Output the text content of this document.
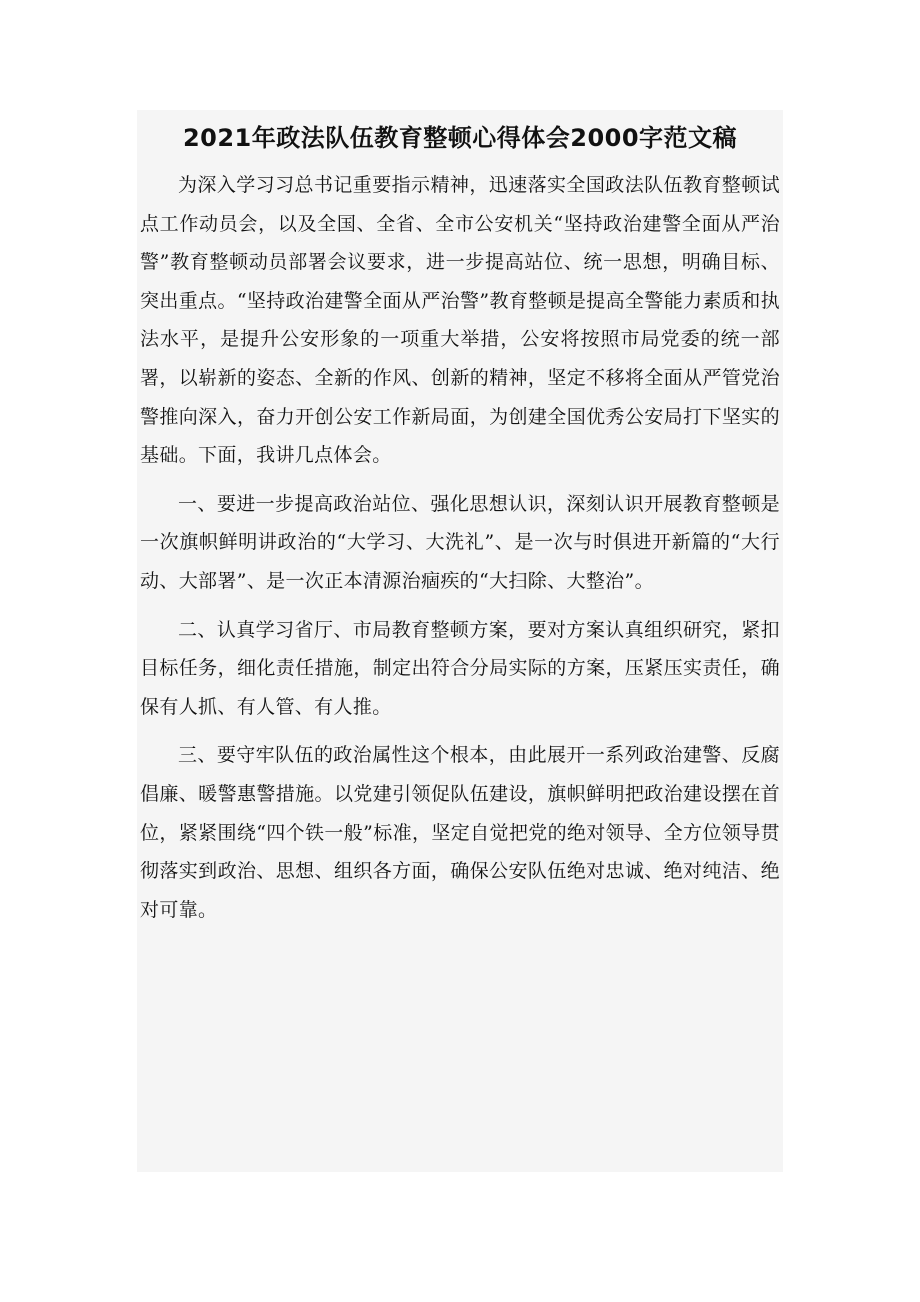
2021年政法队伍教育整顿心得体会2000字范文稿

为深入学习习总书记重要指示精神，迅速落实全国政法队伍教育整顿试点工作动员会，以及全国、全省、全市公安机关“坚持政治建警全面从严治警”教育整顿动员部署会议要求，进一步提高站位、统一思想，明确目标、突出重点。“坚持政治建警全面从严治警”教育整顿是提高全警能力素质和执法水平，是提升公安形象的一项重大举措，公安将按照市局党委的统一部署，以崭新的姿态、全新的作风、创新的精神，坚定不移将全面从严管党治警推向深入，奋力开创公安工作新局面，为创建全国优秀公安局打下坚实的基础。下面，我讲几点体会。

一、要进一步提高政治站位、强化思想认识，深刻认识开展教育整顿是一次旗帜鲜明讲政治的“大学习、大洗礼”、是一次与时俱进开新篇的“大行动、大部署”、是一次正本清源治痼疾的“大扫除、大整治”。

二、认真学习省厅、市局教育整顿方案，要对方案认真组织研究，紧扣目标任务，细化责任措施，制定出符合分局实际的方案，压紧压实责任，确保有人抓、有人管、有人推。

三、要守牢队伍的政治属性这个根本，由此展开一系列政治建警、反腐倡廉、暖警惠警措施。以党建引领促队伍建设，旗帜鲜明把政治建设摆在首位，紧紧围绕“四个铁一般”标准，坚定自觉把党的绝对领导、全方位领导贯彻落实到政治、思想、组织各方面，确保公安队伍绝对忠诚、绝对纯洁、绝对可靠。
